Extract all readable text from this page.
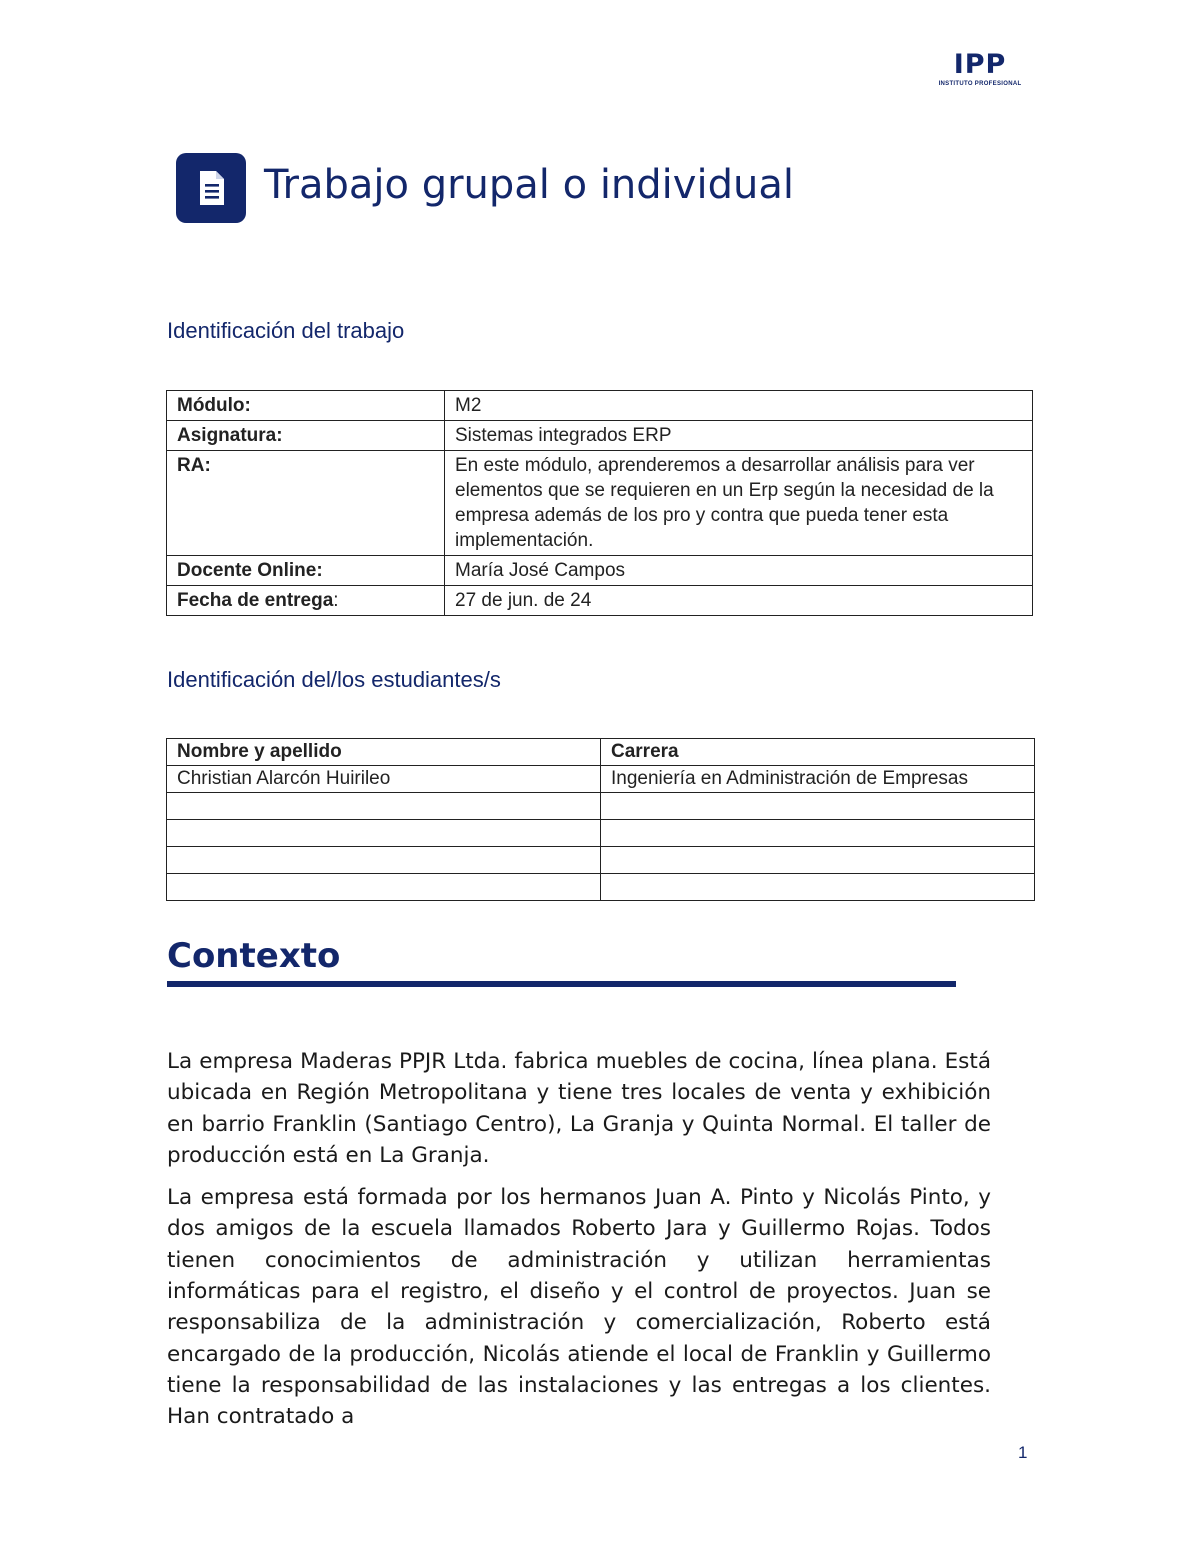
IPP
INSTITUTO PROFESIONAL
Trabajo grupal o individual
Identificación del trabajo
Módulo:	M2
Asignatura:	Sistemas integrados ERP
RA:	En este módulo, aprenderemos a desarrollar análisis para ver elementos que se requieren en un Erp según la necesidad de la empresa además de los pro y contra que pueda tener esta implementación.
Docente Online:	María José Campos
Fecha de entrega:	27 de jun. de 24
Identificación del/los estudiantes/s
Nombre y apellido	Carrera
Christian Alarcón Huirileo	Ingeniería en Administración de Empresas

Contexto

La empresa Maderas PPJR Ltda. fabrica muebles de cocina, línea plana. Está ubicada en Región Metropolitana y tiene tres locales de venta y exhibición en barrio Franklin (Santiago Centro), La Granja y Quinta Normal. El taller de producción está en La Granja.

La empresa está formada por los hermanos Juan A. Pinto y Nicolás Pinto, y dos amigos de la escuela llamados Roberto Jara y Guillermo Rojas. Todos tienen conocimientos de administración y utilizan herramientas informáticas para el registro, el diseño y el control de proyectos. Juan se responsabiliza de la administración y comercialización, Roberto está encargado de la producción, Nicolás atiende el local de Franklin y Guillermo tiene la responsabilidad de las instalaciones y las entregas a los clientes. Han contratado a

1
